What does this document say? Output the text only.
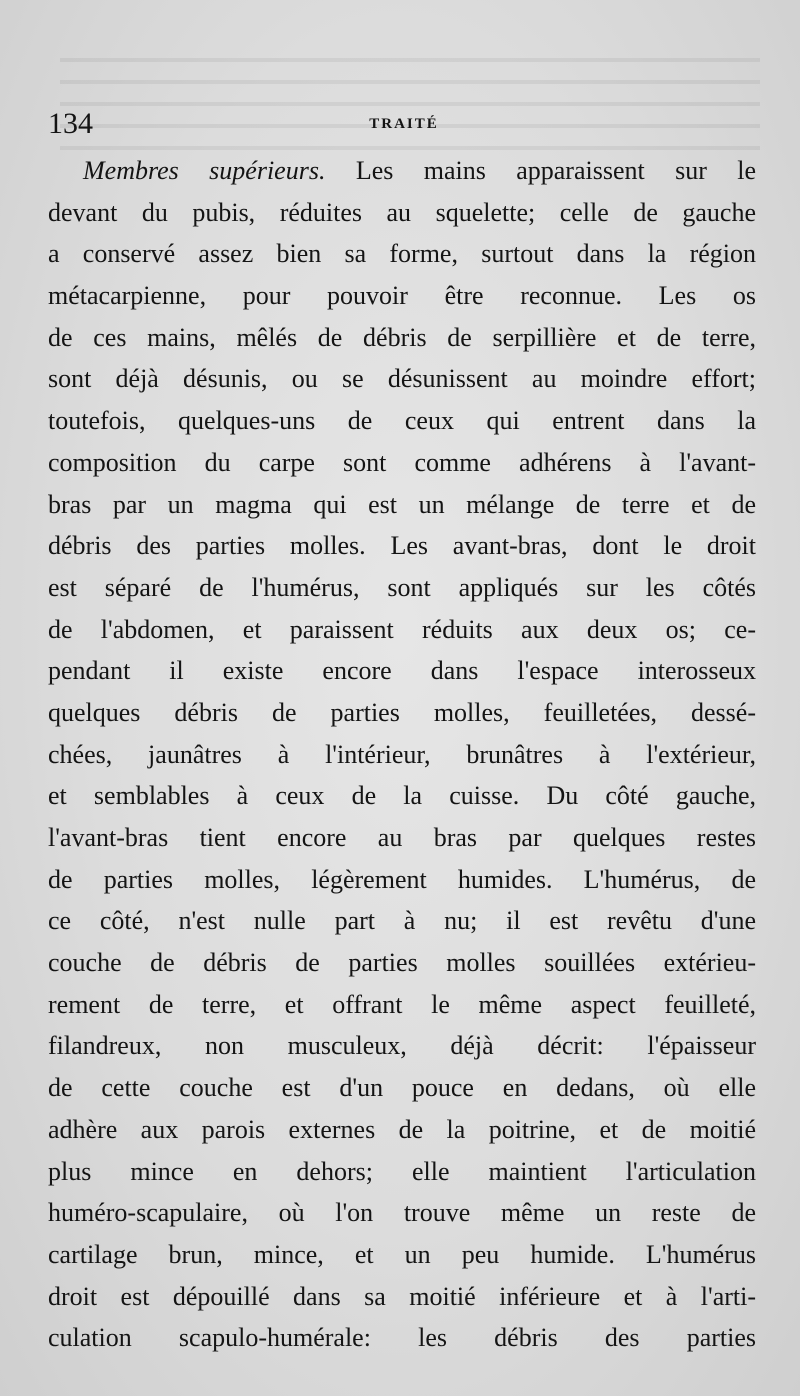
134	TRAITÉ
Membres supérieurs. Les mains apparaissent sur le
devant du pubis, réduites au squelette; celle de gauche
a conservé assez bien sa forme, surtout dans la région
métacarpienne, pour pouvoir être reconnue. Les os
de ces mains, mêlés de débris de serpillière et de terre,
sont déjà désunis, ou se désunissent au moindre effort;
toutefois, quelques-uns de ceux qui entrent dans la
composition du carpe sont comme adhérens à l'avant-
bras par un magma qui est un mélange de terre et de
débris des parties molles. Les avant-bras, dont le droit
est séparé de l'humérus, sont appliqués sur les côtés
de l'abdomen, et paraissent réduits aux deux os; ce-
pendant il existe encore dans l'espace interosseux
quelques débris de parties molles, feuilletées, dessé-
chées, jaunâtres à l'intérieur, brunâtres à l'extérieur,
et semblables à ceux de la cuisse. Du côté gauche,
l'avant-bras tient encore au bras par quelques restes
de parties molles, légèrement humides. L'humérus, de
ce côté, n'est nulle part à nu; il est revêtu d'une
couche de débris de parties molles souillées extérieu-
rement de terre, et offrant le même aspect feuilleté,
filandreux, non musculeux, déjà décrit: l'épaisseur
de cette couche est d'un pouce en dedans, où elle
adhère aux parois externes de la poitrine, et de moitié
plus mince en dehors; elle maintient l'articulation
huméro-scapulaire, où l'on trouve même un reste de
cartilage brun, mince, et un peu humide. L'humérus
droit est dépouillé dans sa moitié inférieure et à l'arti-
culation scapulo-humérale: les débris des parties
